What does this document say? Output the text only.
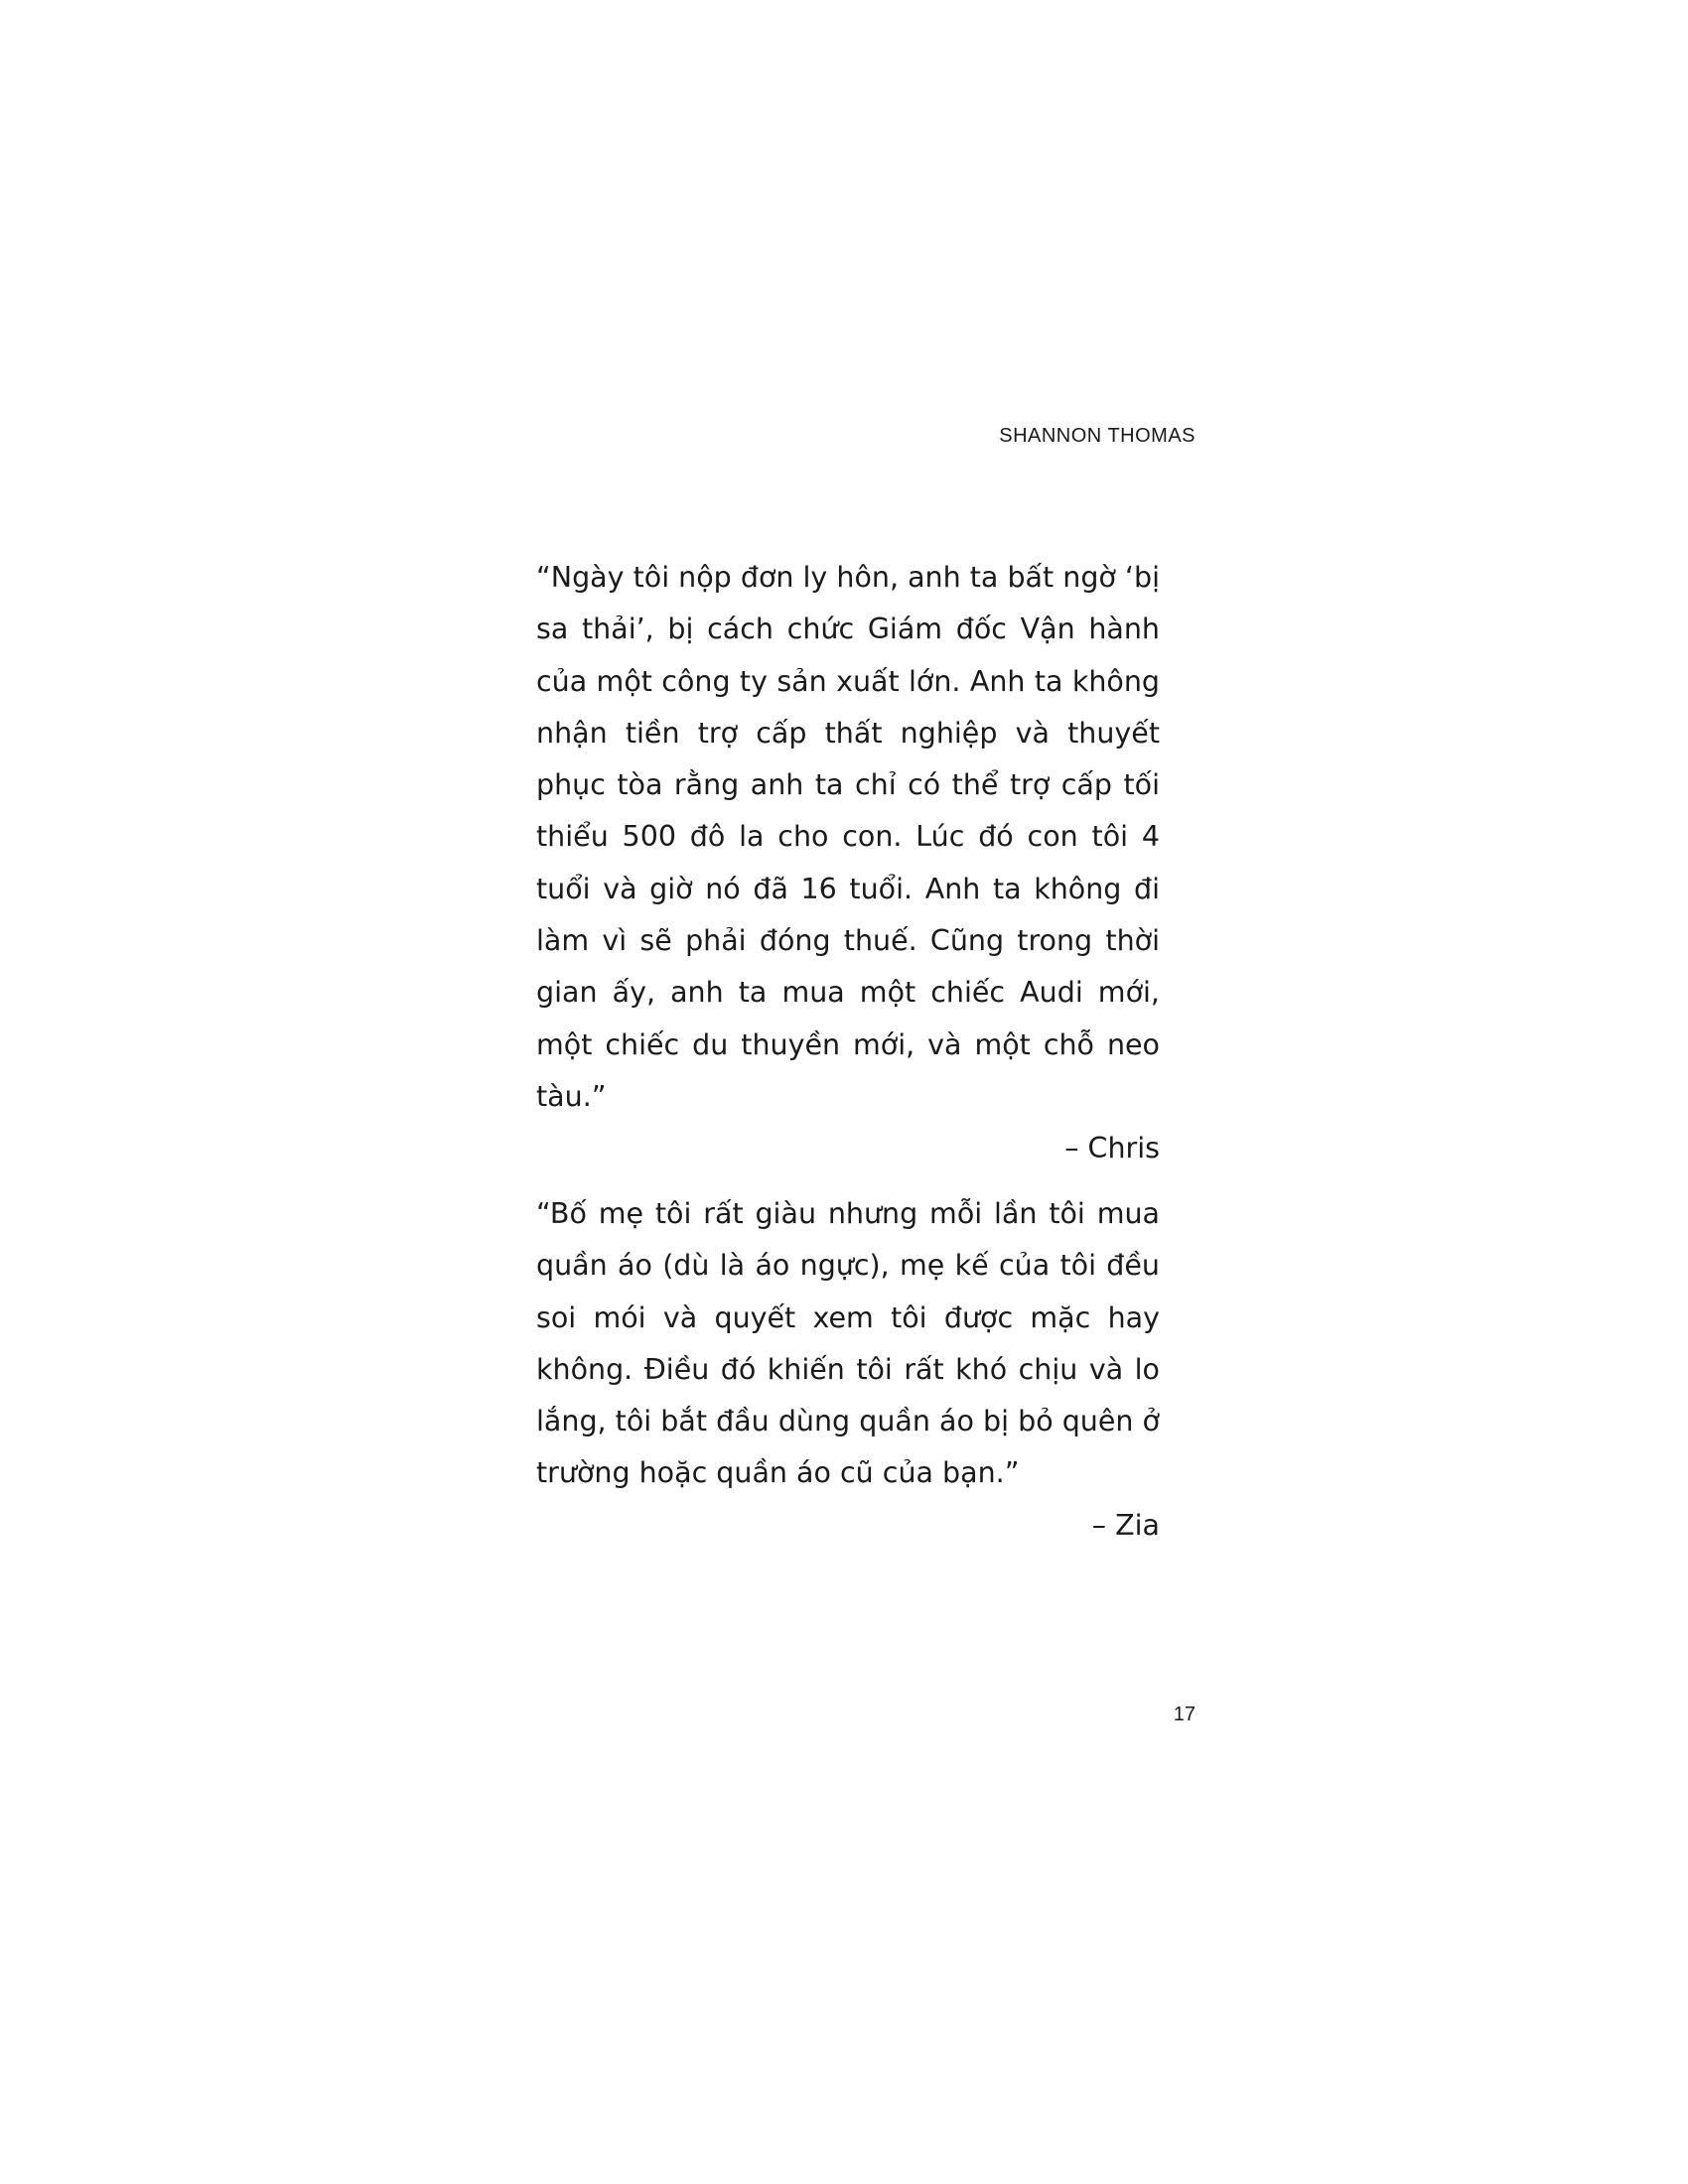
SHANNON THOMAS

“Ngày tôi nộp đơn ly hôn, anh ta bất ngờ ‘bị sa thải’, bị cách chức Giám đốc Vận hành của một công ty sản xuất lớn. Anh ta không nhận tiền trợ cấp thất nghiệp và thuyết phục tòa rằng anh ta chỉ có thể trợ cấp tối thiểu 500 đô la cho con. Lúc đó con tôi 4 tuổi và giờ nó đã 16 tuổi. Anh ta không đi làm vì sẽ phải đóng thuế. Cũng trong thời gian ấy, anh ta mua một chiếc Audi mới, một chiếc du thuyền mới, và một chỗ neo tàu.”

– Chris

“Bố mẹ tôi rất giàu nhưng mỗi lần tôi mua quần áo (dù là áo ngực), mẹ kế của tôi đều soi mói và quyết xem tôi được mặc hay không. Điều đó khiến tôi rất khó chịu và lo lắng, tôi bắt đầu dùng quần áo bị bỏ quên ở trường hoặc quần áo cũ của bạn.”

– Zia

17
